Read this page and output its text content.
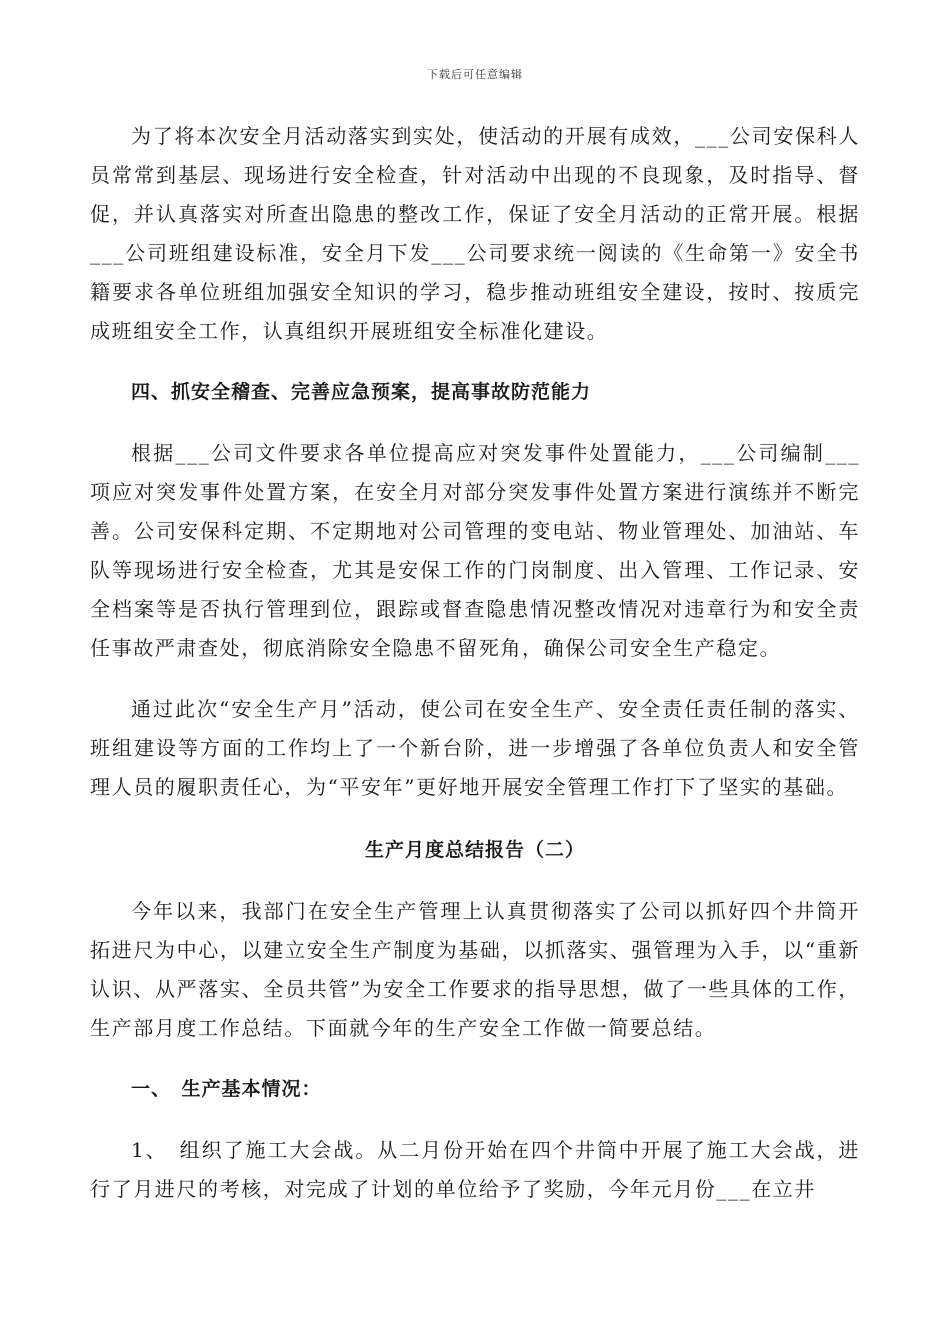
下载后可任意编辑

为了将本次安全月活动落实到实处，使活动的开展有成效，___公司安保科人员常常到基层、现场进行安全检查，针对活动中出现的不良现象，及时指导、督促，并认真落实对所查出隐患的整改工作，保证了安全月活动的正常开展。根据___公司班组建设标准，安全月下发___公司要求统一阅读的《生命第一》安全书籍要求各单位班组加强安全知识的学习，稳步推动班组安全建设，按时、按质完成班组安全工作，认真组织开展班组安全标准化建设。

四、抓安全稽查、完善应急预案，提高事故防范能力

根据___公司文件要求各单位提高应对突发事件处置能力，___公司编制___项应对突发事件处置方案，在安全月对部分突发事件处置方案进行演练并不断完善。公司安保科定期、不定期地对公司管理的变电站、物业管理处、加油站、车队等现场进行安全检查，尤其是安保工作的门岗制度、出入管理、工作记录、安全档案等是否执行管理到位，跟踪或督查隐患情况整改情况对违章行为和安全责任事故严肃查处，彻底消除安全隐患不留死角，确保公司安全生产稳定。

通过此次“安全生产月”活动，使公司在安全生产、安全责任责任制的落实、班组建设等方面的工作均上了一个新台阶，进一步增强了各单位负责人和安全管理人员的履职责任心，为“平安年”更好地开展安全管理工作打下了坚实的基础。

生产月度总结报告（二）

今年以来，我部门在安全生产管理上认真贯彻落实了公司以抓好四个井筒开拓进尺为中心，以建立安全生产制度为基础，以抓落实、强管理为入手，以“重新认识、从严落实、全员共管”为安全工作要求的指导思想，做了一些具体的工作，生产部月度工作总结。下面就今年的生产安全工作做一简要总结。

一、　生产基本情况：

1、　组织了施工大会战。从二月份开始在四个井筒中开展了施工大会战，进行了月进尺的考核，对完成了计划的单位给予了奖励，今年元月份___在立井
